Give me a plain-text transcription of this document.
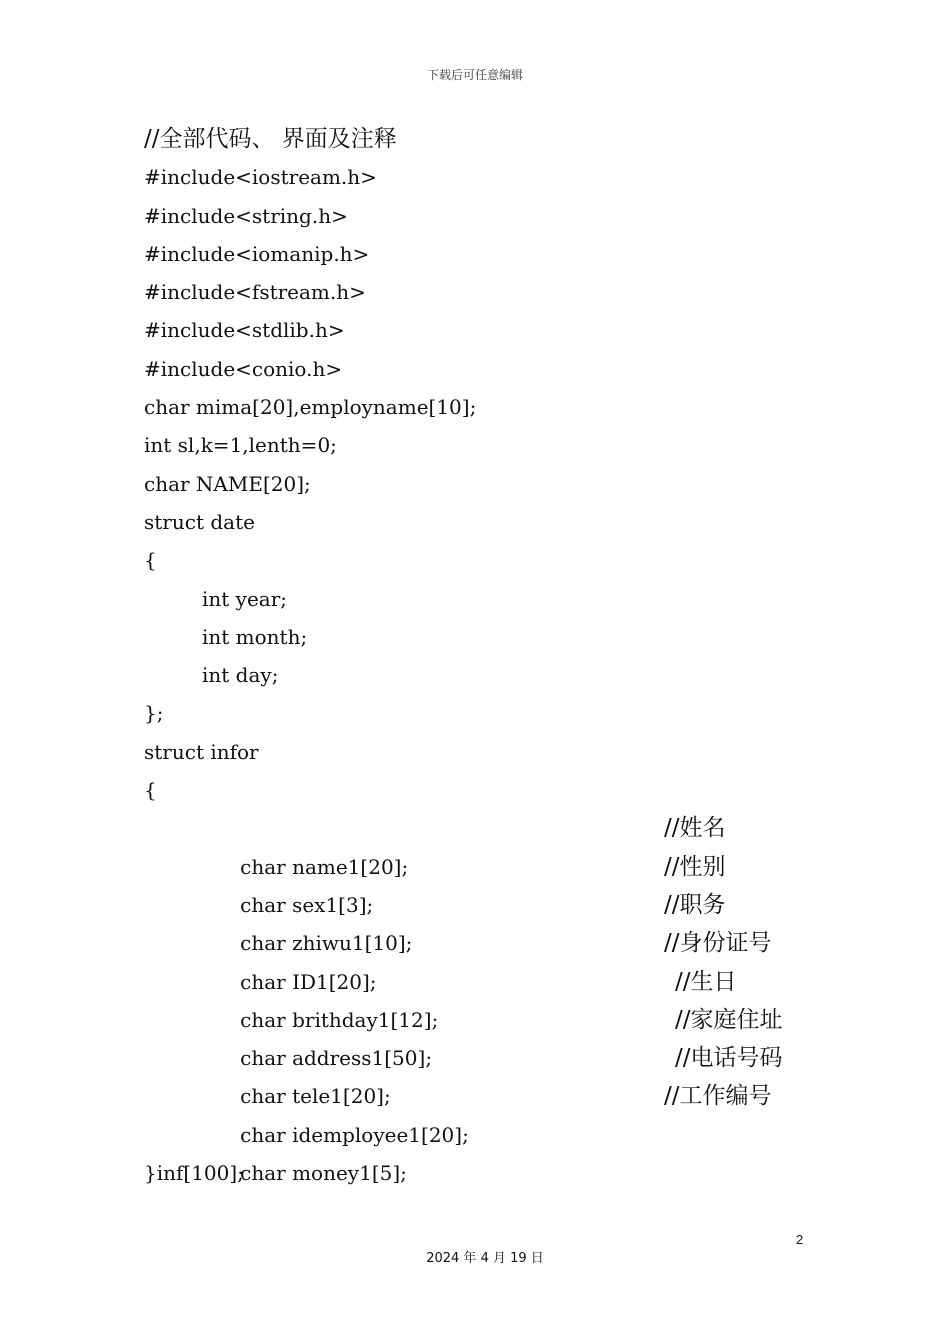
下载后可任意编辑
//全部代码、 界面及注释
#include<iostream.h>
#include<string.h>
#include<iomanip.h>
#include<fstream.h>
#include<stdlib.h>
#include<conio.h>
char mima[20],employname[10];
int sl,k=1,lenth=0;
char NAME[20];
struct date
{
int year;
int month;
int day;
};
struct infor
{

char name1[20];

//姓名

char sex1[3];

//性别

char zhiwu1[10];

//职务

char ID1[20];

//身份证号

char brithday1[12];

//生日

char address1[50];

//家庭住址

char tele1[20];

//电话号码

char idemployee1[20];

//工作编号

char money1[5];

}inf[100];
2
2024 年 4 月 19 日
